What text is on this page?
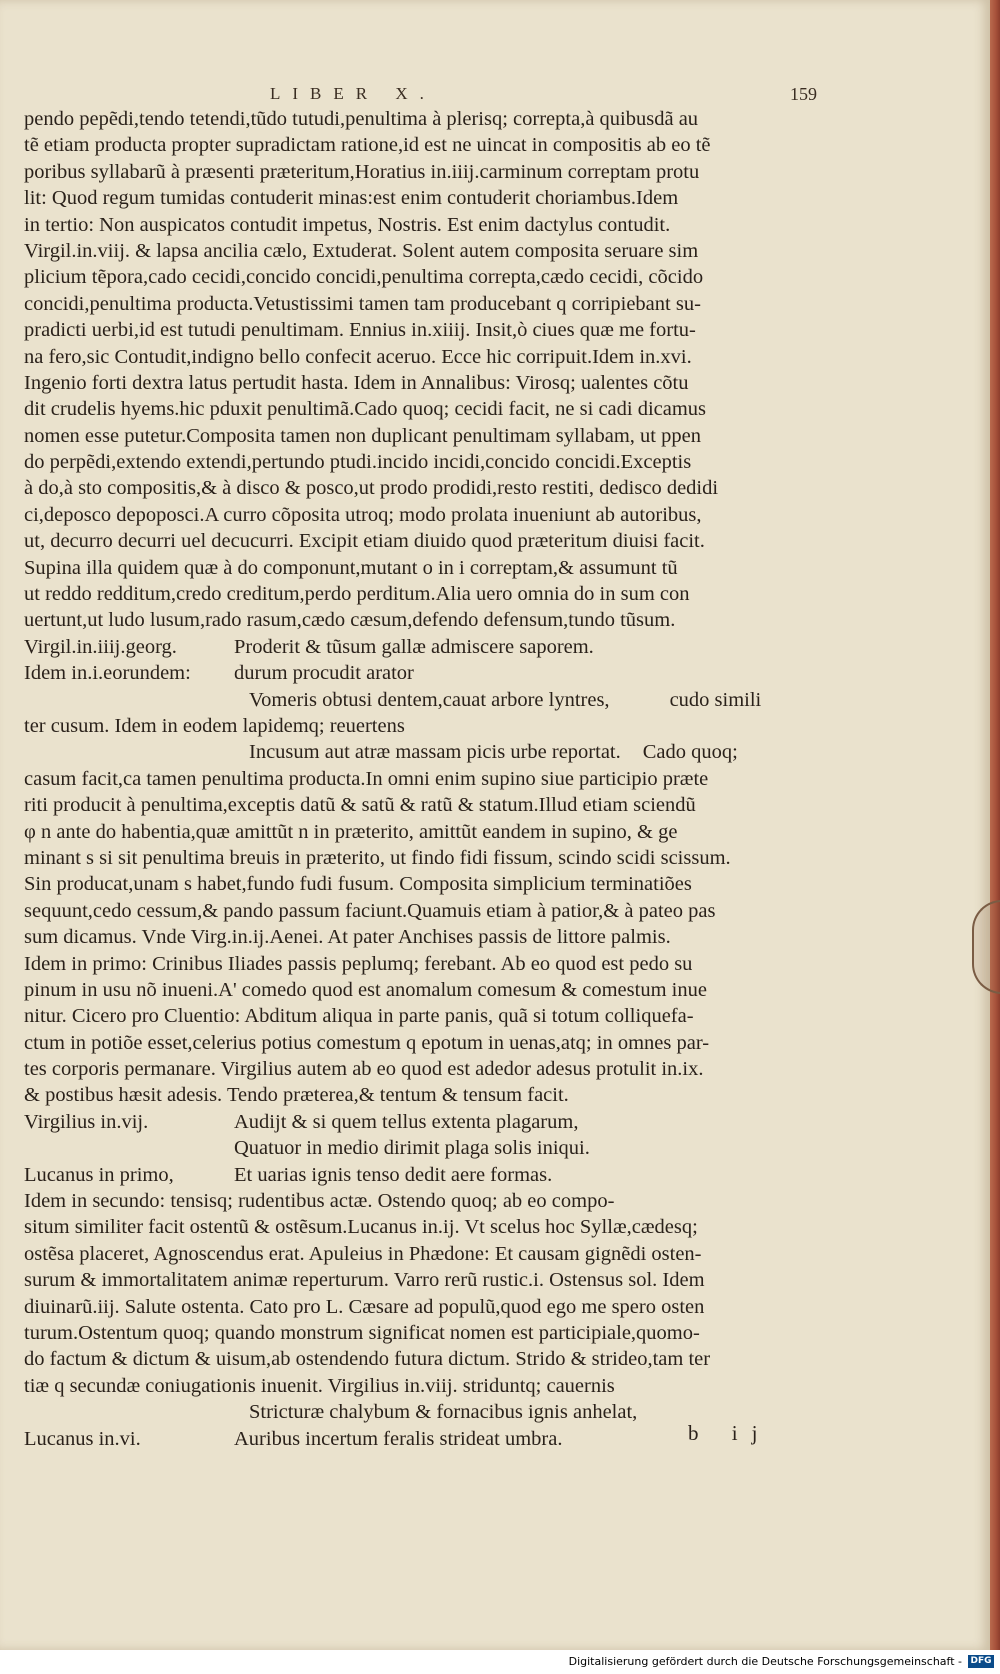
LIBER X.	159
pendo pepẽdi,tendo tetendi,tũdo tutudi,penultima à plerisq; correpta,à quibusdã au
tẽ etiam producta propter supradictam ratione,id est ne uincat in compositis ab eo tẽ
poribus syllabarũ à præsenti præteritum,Horatius in.iiij.carminum correptam protu
lit: Quod regum tumidas contuderit minas:est enim contuderit choriambus.Idem
in tertio: Non auspicatos contudit impetus, Nostris. Est enim dactylus contudit.
Virgil.in.viij. & lapsa ancilia cælo, Extuderat. Solent autem composita seruare sim
plicium tẽpora,cado cecidi,concido concidi,penultima correpta,cædo cecidi, cõcido
concidi,penultima producta.Vetustissimi tamen tam producebant q corripiebant su-
pradicti uerbi,id est tutudi penultimam. Ennius in.xiiij. Insit,ò ciues quæ me fortu-
na fero,sic Contudit,indigno bello confecit aceruo. Ecce hic corripuit.Idem in.xvi.
Ingenio forti dextra latus pertudit hasta. Idem in Annalibus: Virosq; ualentes cõtu
dit crudelis hyems.hic pduxit penultimã.Cado quoq; cecidi facit, ne si cadi dicamus
nomen esse putetur.Composita tamen non duplicant penultimam syllabam, ut ppen
do perpẽdi,extendo extendi,pertundo ptudi.incido incidi,concido concidi.Exceptis
à do,à sto compositis,& à disco & posco,ut prodo prodidi,resto restiti, dedisco dedidi
ci,deposco depoposci.A curro cõposita utroq; modo prolata inueniunt ab autoribus,
ut, decurro decurri uel decucurri. Excipit etiam diuido quod præteritum diuisi facit.
Supina illa quidem quæ à do componunt,mutant o in i correptam,& assumunt tũ
ut reddo redditum,credo creditum,perdo perditum.Alia uero omnia do in sum con
uertunt,ut ludo lusum,rado rasum,cædo cæsum,defendo defensum,tundo tũsum.
Virgil.in.iiij.georg.	Proderit & tũsum gallæ admiscere saporem.
Idem in.i.eorundem: durum procudit arator
Vomeris obtusi dentem,cauat arbore lyntres,	cudo simili
ter cusum. Idem in eodem lapidemq; reuertens
Incusum aut atræ massam picis urbe reportat. Cado quoq;
casum facit,ca tamen penultima producta.In omni enim supino siue participio præte
riti producit à penultima,exceptis datũ & satũ & ratũ & statum.Illud etiam sciendũ
φ n ante do habentia,quæ amittũt n in præterito, amittũt eandem in supino, & ge
minant s si sit penultima breuis in præterito, ut findo fidi fissum, scindo scidi scissum.
Sin producat,unam s habet,fundo fudi fusum. Composita simplicium terminatiões
sequunt,cedo cessum,& pando passum faciunt.Quamuis etiam à patior,& à pateo pas
sum dicamus. Vnde Virg.in.ij.Aenei. At pater Anchises passis de littore palmis.
Idem in primo: Crinibus Iliades passis peplumq; ferebant. Ab eo quod est pedo su
pinum in usu nõ inueni.A' comedo quod est anomalum comesum & comestum inue
nitur. Cicero pro Cluentio: Abditum aliqua in parte panis, quã si totum colliquefa-
ctum in potiõe esset,celerius potius comestum q epotum in uenas,atq; in omnes par-
tes corporis permanare. Virgilius autem ab eo quod est adedor adesus protulit in.ix.
& postibus hæsit adesis. Tendo præterea,& tentum & tensum facit.
Virgilius in.vij.	Audijt & si quem tellus extenta plagarum,
Quatuor in medio dirimit plaga solis iniqui.
Lucanus in primo,	Et uarias ignis tenso dedit aere formas.
Idem in secundo: tensisq; rudentibus actæ. Ostendo quoq; ab eo compo-
situm similiter facit ostentũ & ostẽsum.Lucanus in.ij. Vt scelus hoc Syllæ,cædesq;
ostẽsa placeret, Agnoscendus erat. Apuleius in Phædone: Et causam gignẽdi osten-
surum & immortalitatem animæ reperturum. Varro rerũ rustic.i. Ostensus sol. Idem
diuinarũ.iij. Salute ostenta. Cato pro L. Cæsare ad populũ,quod ego me spero osten
turum.Ostentum quoq; quando monstrum significat nomen est participiale,quomo-
do factum & dictum & uisum,ab ostendendo futura dictum. Strido & strideo,tam ter
tiæ q secundæ coniugationis inuenit. Virgilius in.viij. striduntq; cauernis
Stricturæ chalybum & fornacibus ignis anhelat,
Lucanus in.vi.	Auribus incertum feralis strideat umbra.	b ij
Digitalisierung gefördert durch die Deutsche Forschungsgemeinschaft - DFG
